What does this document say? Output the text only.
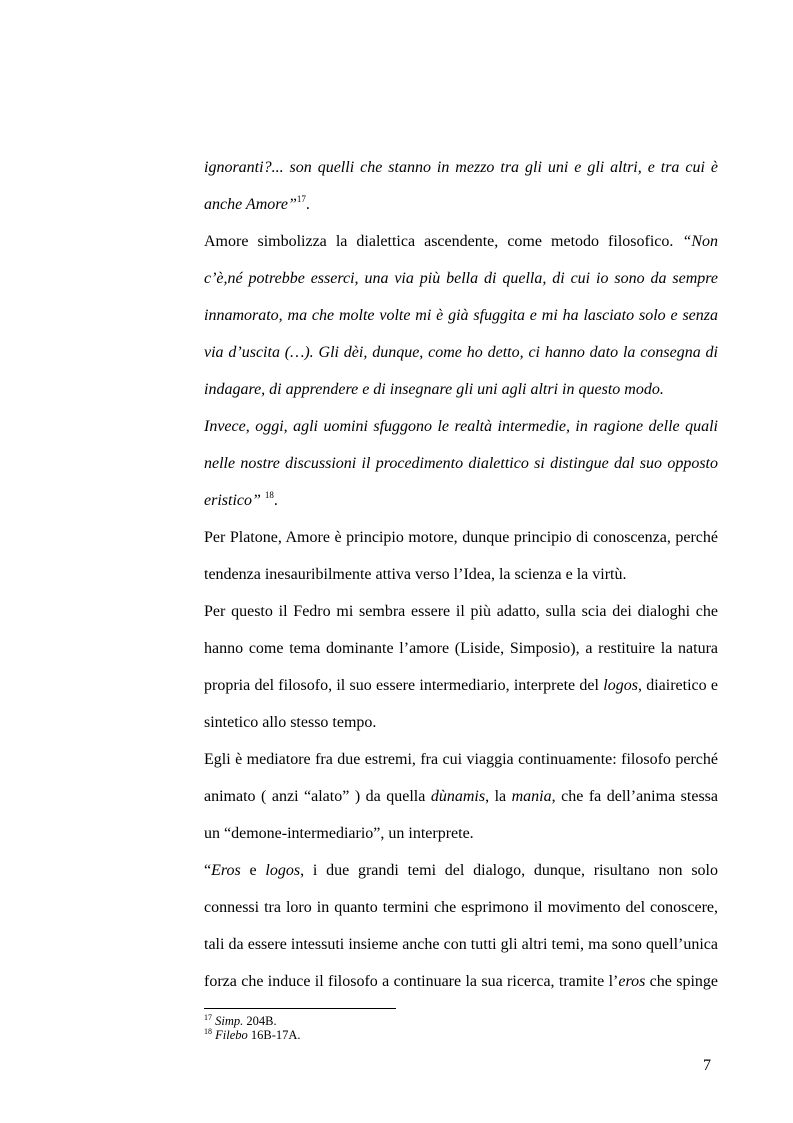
ignoranti?... son quelli che stanno in mezzo tra gli uni e gli altri, e tra cui è
anche Amore”$^{17}$.
Amore simbolizza la dialettica ascendente, come metodo filosofico. “Non
c’è,né potrebbe esserci, una via più bella di quella, di cui io sono da sempre
innamorato, ma che molte volte mi è già sfuggita e mi ha lasciato solo e senza
via d’uscita (…). Gli dèi, dunque, come ho detto, ci hanno dato la consegna di
indagare, di apprendere e di insegnare gli uni agli altri in questo modo.
Invece, oggi, agli uomini sfuggono le realtà intermedie, in ragione delle quali
nelle nostre discussioni il procedimento dialettico si distingue dal suo opposto
eristico” $^{18}$.
Per Platone, Amore è principio motore, dunque principio di conoscenza, perché
tendenza inesauribilmente attiva verso l’Idea, la scienza e la virtù.
Per questo il Fedro mi sembra essere il più adatto, sulla scia dei dialoghi che
hanno come tema dominante l’amore (Liside, Simposio), a restituire la natura
propria del filosofo, il suo essere intermediario, interprete del logos, diairetico e
sintetico allo stesso tempo.
Egli è mediatore fra due estremi, fra cui viaggia continuamente: filosofo perché
animato ( anzi “alato” ) da quella dùnamis, la mania, che fa dell’anima stessa
un “demone-intermediario”, un interprete.
“Eros e logos, i due grandi temi del dialogo, dunque, risultano non solo
connessi tra loro in quanto termini che esprimono il movimento del conoscere,
tali da essere intessuti insieme anche con tutti gli altri temi, ma sono quell’unica
forza che induce il filosofo a continuare la sua ricerca, tramite l’eros che spinge
$^{17}$ Simp. 204B.
$^{18}$ Filebo 16B-17A.
7
